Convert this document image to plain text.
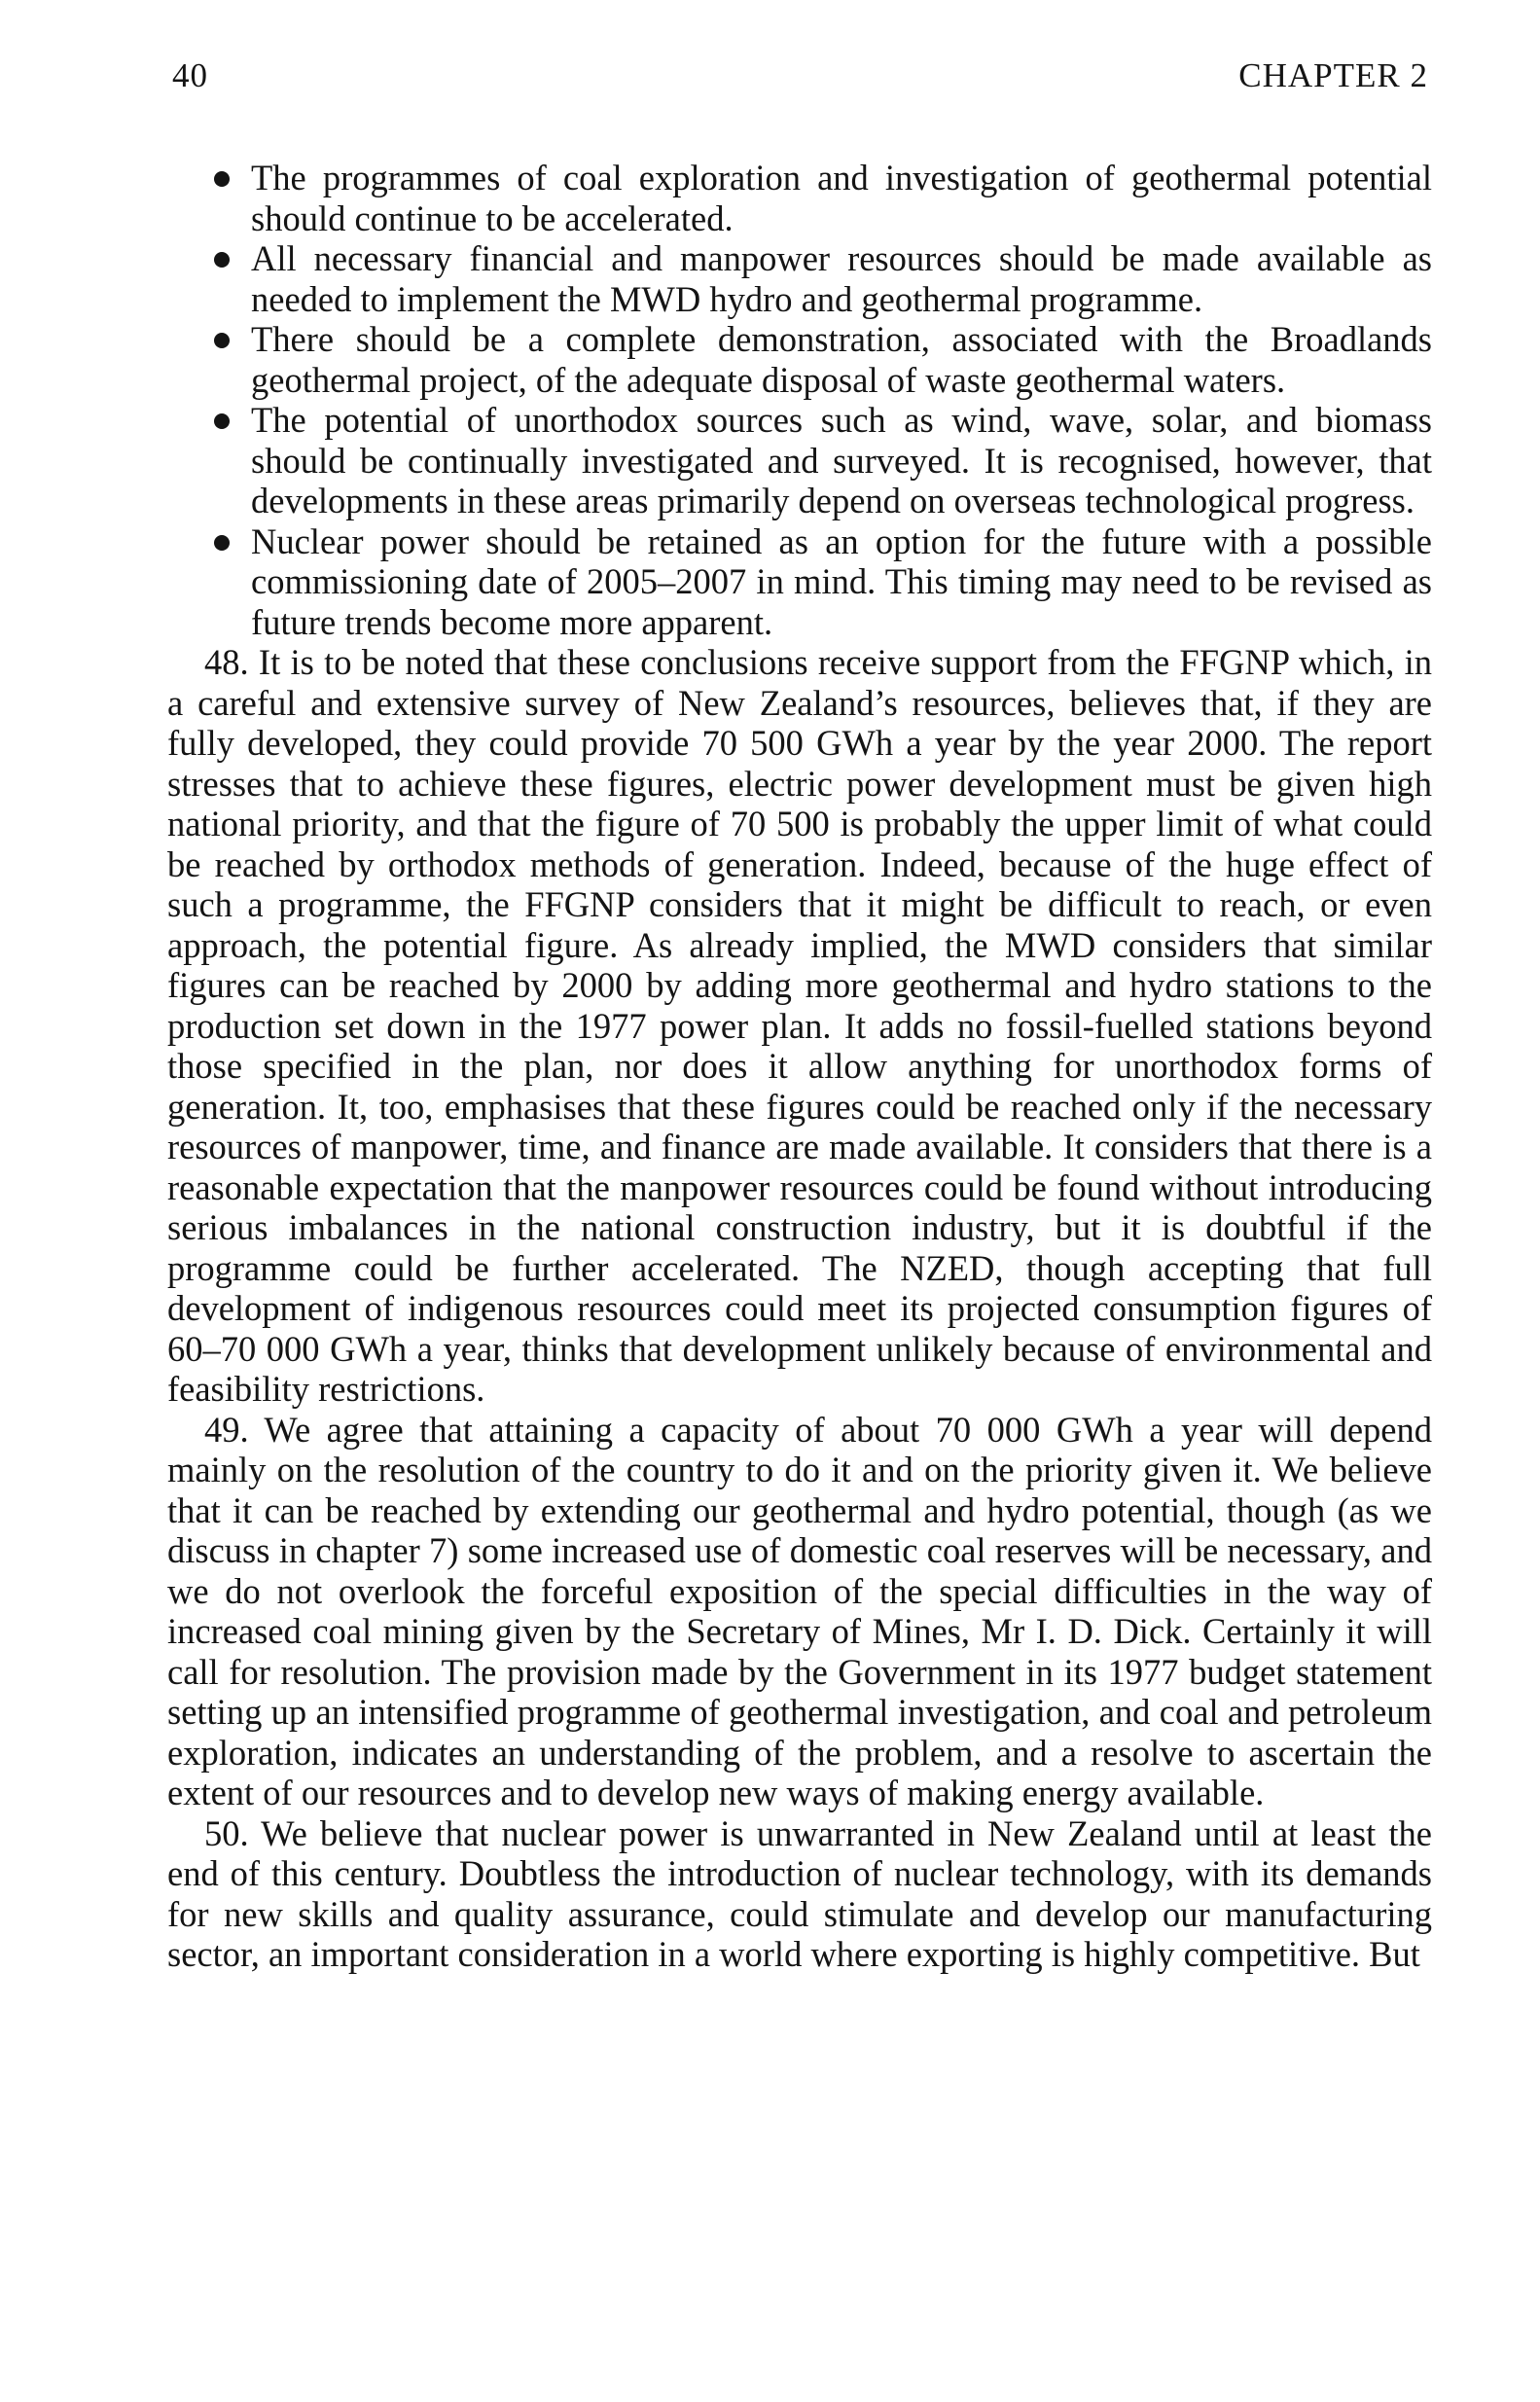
40	CHAPTER 2
The programmes of coal exploration and investigation of geothermal potential should continue to be accelerated.
All necessary financial and manpower resources should be made available as needed to implement the MWD hydro and geothermal programme.
There should be a complete demonstration, associated with the Broadlands geothermal project, of the adequate disposal of waste geothermal waters.
The potential of unorthodox sources such as wind, wave, solar, and biomass should be continually investigated and surveyed. It is recognised, however, that developments in these areas primarily depend on overseas technological progress.
Nuclear power should be retained as an option for the future with a possible commissioning date of 2005–2007 in mind. This timing may need to be revised as future trends become more apparent.

48. It is to be noted that these conclusions receive support from the FFGNP which, in a careful and extensive survey of New Zealand’s resources, believes that, if they are fully developed, they could provide 70 500 GWh a year by the year 2000. The report stresses that to achieve these figures, electric power development must be given high national priority, and that the figure of 70 500 is probably the upper limit of what could be reached by orthodox methods of generation. Indeed, because of the huge effect of such a programme, the FFGNP considers that it might be difficult to reach, or even approach, the potential figure. As already implied, the MWD considers that similar figures can be reached by 2000 by adding more geothermal and hydro stations to the production set down in the 1977 power plan. It adds no fossil-fuelled stations beyond those specified in the plan, nor does it allow anything for unorthodox forms of generation. It, too, emphasises that these figures could be reached only if the necessary resources of manpower, time, and finance are made available. It considers that there is a reasonable expectation that the manpower resources could be found without introducing serious imbalances in the national construction industry, but it is doubtful if the programme could be further accelerated. The NZED, though accepting that full development of indigenous resources could meet its projected consumption figures of 60–70 000 GWh a year, thinks that development unlikely because of environmental and feasibility restrictions.

49. We agree that attaining a capacity of about 70 000 GWh a year will depend mainly on the resolution of the country to do it and on the priority given it. We believe that it can be reached by extending our geothermal and hydro potential, though (as we discuss in chapter 7) some increased use of domestic coal reserves will be necessary, and we do not overlook the forceful exposition of the special difficulties in the way of increased coal mining given by the Secretary of Mines, Mr I. D. Dick. Certainly it will call for resolution. The provision made by the Government in its 1977 budget statement setting up an intensified programme of geothermal investigation, and coal and petroleum exploration, indicates an understanding of the problem, and a resolve to ascertain the extent of our resources and to develop new ways of making energy available.

50. We believe that nuclear power is unwarranted in New Zealand until at least the end of this century. Doubtless the introduction of nuclear technology, with its demands for new skills and quality assurance, could stimulate and develop our manufacturing sector, an important consideration in a world where exporting is highly competitive. But
